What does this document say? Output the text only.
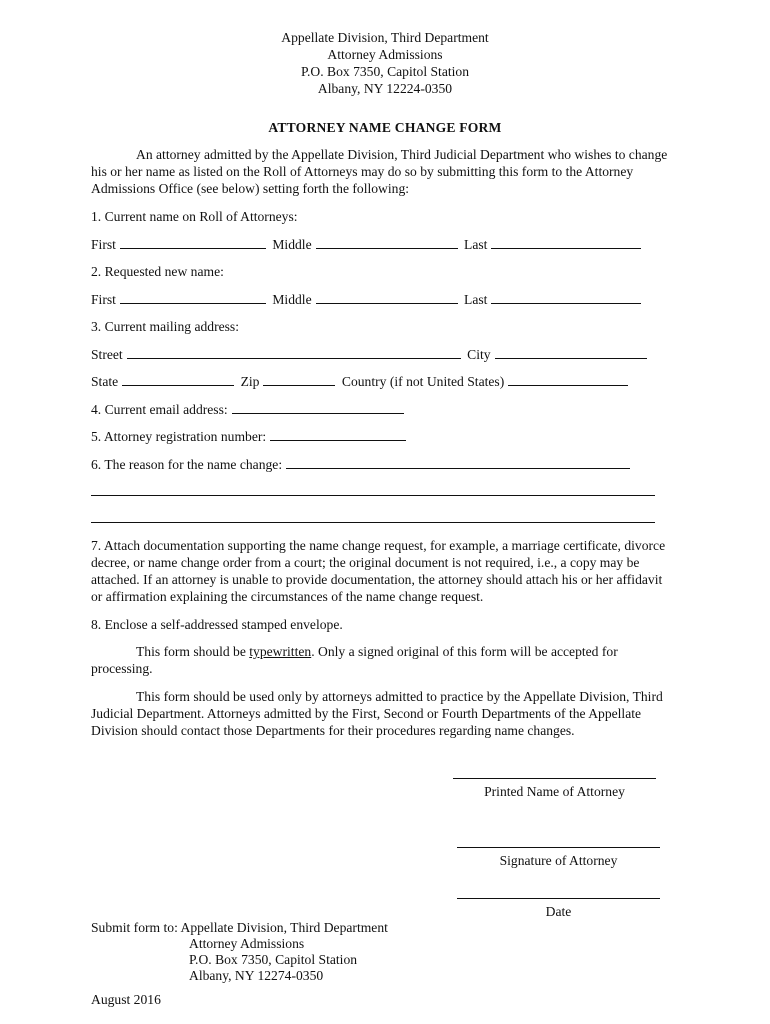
Appellate Division, Third Department
Attorney Admissions
P.O. Box 7350, Capitol Station
Albany, NY 12224-0350
ATTORNEY NAME CHANGE FORM
An attorney admitted by the Appellate Division, Third Judicial Department who wishes to change his or her name as listed on the Roll of Attorneys may do so by submitting this form to the Attorney Admissions Office (see below) setting forth the following:
1. Current name on Roll of Attorneys:
First	Middle	Last
2. Requested new name:
First	Middle	Last
3. Current mailing address:
Street	City
State	Zip	Country (if not United States)
4. Current email address:
5. Attorney registration number:
6. The reason for the name change:
7. Attach documentation supporting the name change request, for example, a marriage certificate, divorce decree, or name change order from a court; the original document is not required, i.e., a copy may be attached. If an attorney is unable to provide documentation, the attorney should attach his or her affidavit or affirmation explaining the circumstances of the name change request.
8. Enclose a self-addressed stamped envelope.
This form should be typewritten. Only a signed original of this form will be accepted for processing.
This form should be used only by attorneys admitted to practice by the Appellate Division, Third Judicial Department. Attorneys admitted by the First, Second or Fourth Departments of the Appellate Division should contact those Departments for their procedures regarding name changes.
Printed Name of Attorney
Signature of Attorney
Date
Submit form to: Appellate Division, Third Department
Attorney Admissions
P.O. Box 7350, Capitol Station
Albany, NY 12274-0350
August 2016
